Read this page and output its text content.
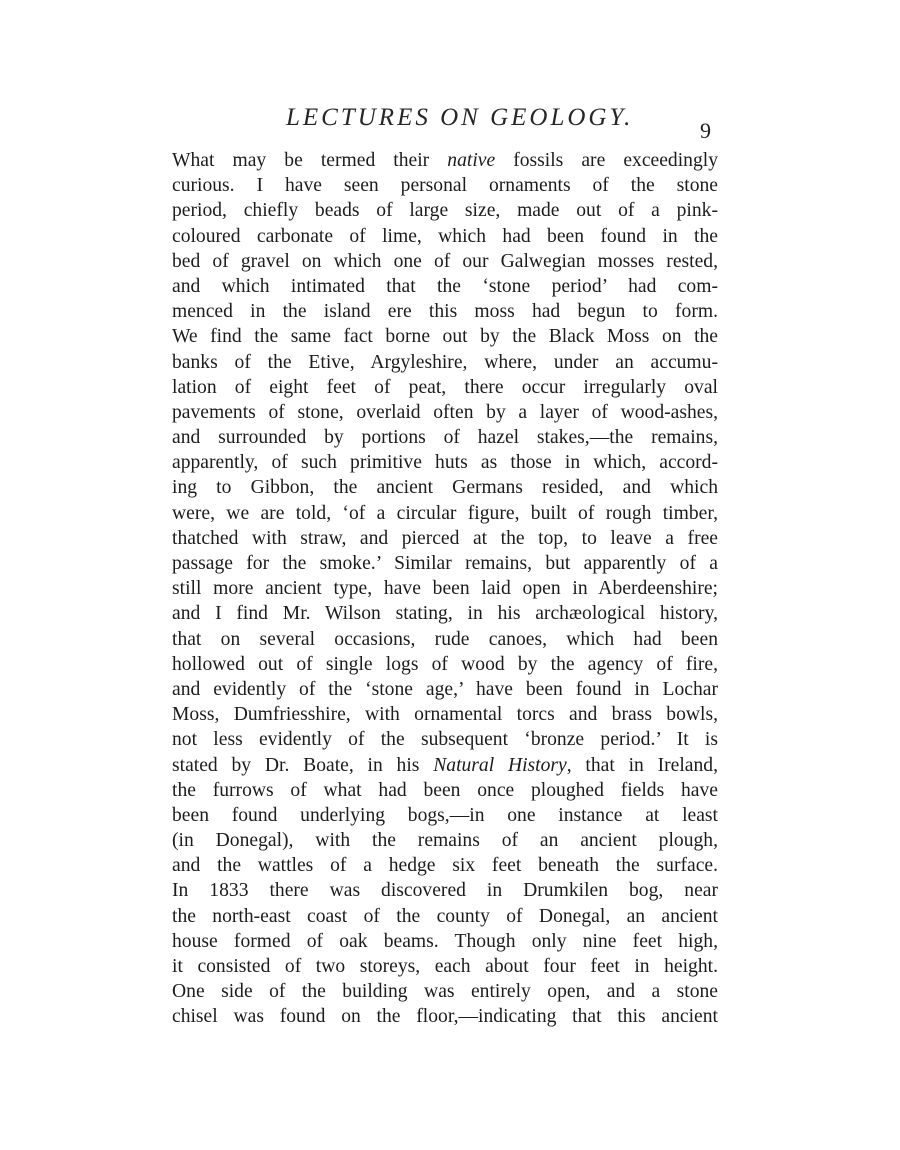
LECTURES ON GEOLOGY.	9
What may be termed their native fossils are exceedingly
curious. I have seen personal ornaments of the stone
period, chiefly beads of large size, made out of a pink-
coloured carbonate of lime, which had been found in the
bed of gravel on which one of our Galwegian mosses rested,
and which intimated that the ‘stone period’ had com-
menced in the island ere this moss had begun to form.
We find the same fact borne out by the Black Moss on the
banks of the Etive, Argyleshire, where, under an accumu-
lation of eight feet of peat, there occur irregularly oval
pavements of stone, overlaid often by a layer of wood-ashes,
and surrounded by portions of hazel stakes,—the remains,
apparently, of such primitive huts as those in which, accord-
ing to Gibbon, the ancient Germans resided, and which
were, we are told, ‘of a circular figure, built of rough timber,
thatched with straw, and pierced at the top, to leave a free
passage for the smoke.’ Similar remains, but apparently of a
still more ancient type, have been laid open in Aberdeenshire;
and I find Mr. Wilson stating, in his archæological history,
that on several occasions, rude canoes, which had been
hollowed out of single logs of wood by the agency of fire,
and evidently of the ‘stone age,’ have been found in Lochar
Moss, Dumfriesshire, with ornamental torcs and brass bowls,
not less evidently of the subsequent ‘bronze period.’ It is
stated by Dr. Boate, in his Natural History, that in Ireland,
the furrows of what had been once ploughed fields have
been found underlying bogs,—in one instance at least
(in Donegal), with the remains of an ancient plough,
and the wattles of a hedge six feet beneath the surface.
In 1833 there was discovered in Drumkilen bog, near
the north-east coast of the county of Donegal, an ancient
house formed of oak beams. Though only nine feet high,
it consisted of two storeys, each about four feet in height.
One side of the building was entirely open, and a stone
chisel was found on the floor,—indicating that this ancient
